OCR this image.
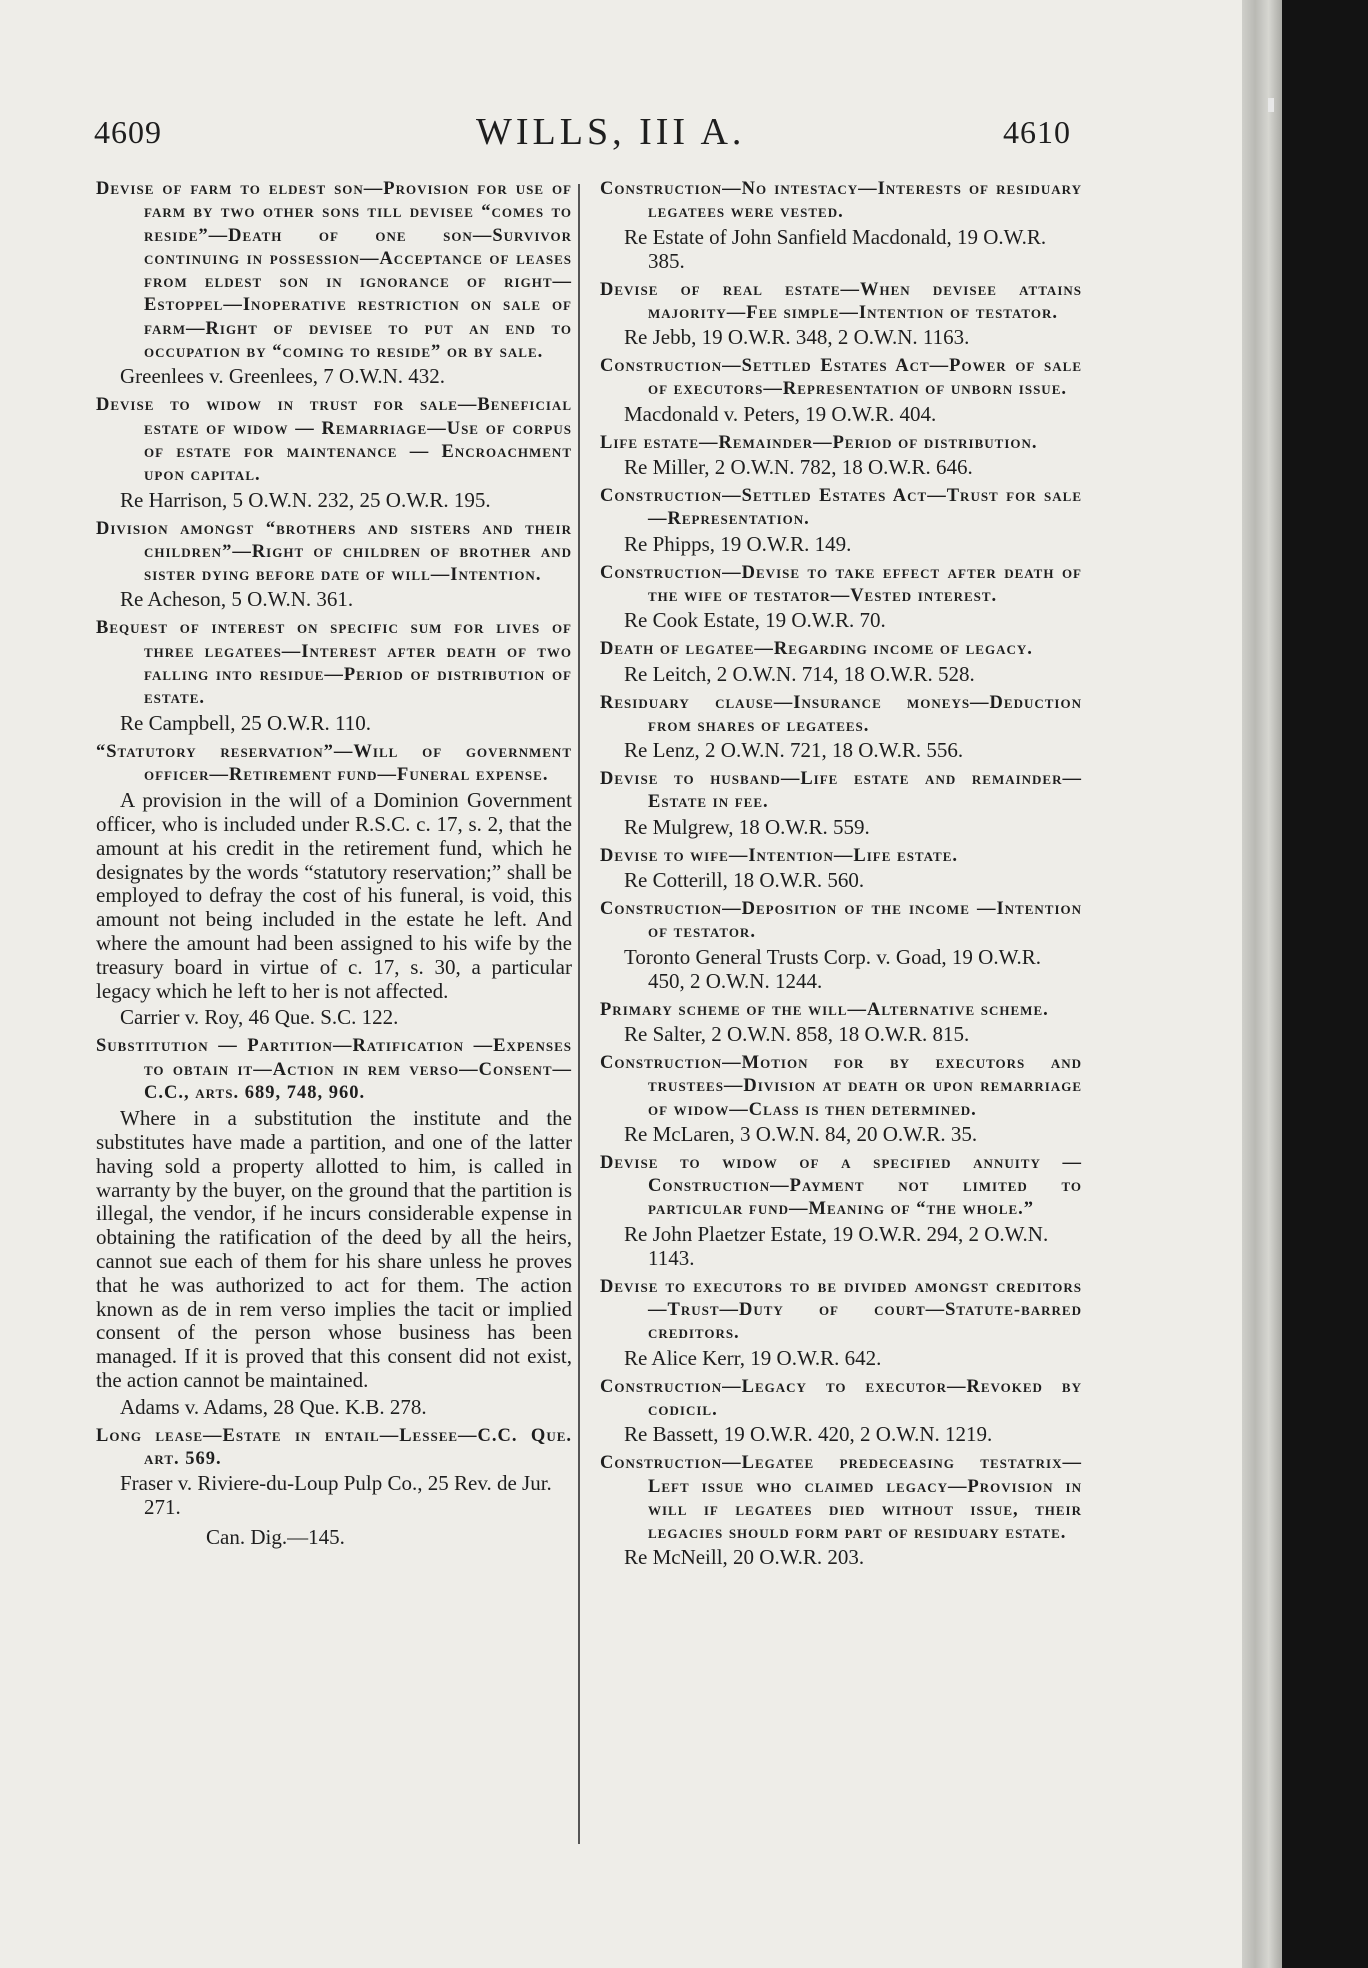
4609	WILLS, III A.	4610
Devise of farm to eldest son—Provision for use of farm by two other sons till devisee “comes to reside”—Death of one son—Survivor continuing in possession—Acceptance of leases from eldest son in ignorance of right—Estoppel—Inoperative restriction on sale of farm—Right of devisee to put an end to occupation by “coming to reside” or by sale.
Greenlees v. Greenlees, 7 O.W.N. 432.
Devise to widow in trust for sale—Beneficial estate of widow — Remarriage—Use of corpus of estate for maintenance — Encroachment upon capital.
Re Harrison, 5 O.W.N. 232, 25 O.W.R. 195.
Division amongst “brothers and sisters and their children”—Right of children of brother and sister dying before date of will—Intention.
Re Acheson, 5 O.W.N. 361.
Bequest of interest on specific sum for lives of three legatees—Interest after death of two falling into residue—Period of distribution of estate.
Re Campbell, 25 O.W.R. 110.
“Statutory reservation”—Will of government officer—Retirement fund—Funeral expense.
A provision in the will of a Dominion Government officer, who is included under R.S.C. c. 17, s. 2, that the amount at his credit in the retirement fund, which he designates by the words “statutory reservation;” shall be employed to defray the cost of his funeral, is void, this amount not being included in the estate he left. And where the amount had been assigned to his wife by the treasury board in virtue of c. 17, s. 30, a particular legacy which he left to her is not affected.
Carrier v. Roy, 46 Que. S.C. 122.
Substitution — Partition—Ratification —Expenses to obtain it—Action in rem verso—Consent—C.C., arts. 689, 748, 960.
Where in a substitution the institute and the substitutes have made a partition, and one of the latter having sold a property allotted to him, is called in warranty by the buyer, on the ground that the partition is illegal, the vendor, if he incurs considerable expense in obtaining the ratification of the deed by all the heirs, cannot sue each of them for his share unless he proves that he was authorized to act for them. The action known as de in rem verso implies the tacit or implied consent of the person whose business has been managed. If it is proved that this consent did not exist, the action cannot be maintained.
Adams v. Adams, 28 Que. K.B. 278.
Long lease—Estate in entail—Lessee—C.C. Que. art. 569.
Fraser v. Riviere-du-Loup Pulp Co., 25 Rev. de Jur. 271.
Can. Dig.—145.
Construction—No intestacy—Interests of residuary legatees were vested.
Re Estate of John Sanfield Macdonald, 19 O.W.R. 385.
Devise of real estate—When devisee attains majority—Fee simple—Intention of testator.
Re Jebb, 19 O.W.R. 348, 2 O.W.N. 1163.
Construction—Settled Estates Act—Power of sale of executors—Representation of unborn issue.
Macdonald v. Peters, 19 O.W.R. 404.
Life estate—Remainder—Period of distribution.
Re Miller, 2 O.W.N. 782, 18 O.W.R. 646.
Construction—Settled Estates Act—Trust for sale—Representation.
Re Phipps, 19 O.W.R. 149.
Construction—Devise to take effect after death of the wife of testator—Vested interest.
Re Cook Estate, 19 O.W.R. 70.
Death of legatee—Regarding income of legacy.
Re Leitch, 2 O.W.N. 714, 18 O.W.R. 528.
Residuary clause—Insurance moneys—Deduction from shares of legatees.
Re Lenz, 2 O.W.N. 721, 18 O.W.R. 556.
Devise to husband—Life estate and remainder—Estate in fee.
Re Mulgrew, 18 O.W.R. 559.
Devise to wife—Intention—Life estate.
Re Cotterill, 18 O.W.R. 560.
Construction—Deposition of the income —Intention of testator.
Toronto General Trusts Corp. v. Goad, 19 O.W.R. 450, 2 O.W.N. 1244.
Primary scheme of the will—Alternative scheme.
Re Salter, 2 O.W.N. 858, 18 O.W.R. 815.
Construction—Motion for by executors and trustees—Division at death or upon remarriage of widow—Class is then determined.
Re McLaren, 3 O.W.N. 84, 20 O.W.R. 35.
Devise to widow of a specified annuity —Construction—Payment not limited to particular fund—Meaning of “the whole.”
Re John Plaetzer Estate, 19 O.W.R. 294, 2 O.W.N. 1143.
Devise to executors to be divided amongst creditors—Trust—Duty of court—Statute-barred creditors.
Re Alice Kerr, 19 O.W.R. 642.
Construction—Legacy to executor—Revoked by codicil.
Re Bassett, 19 O.W.R. 420, 2 O.W.N. 1219.
Construction—Legatee predeceasing testatrix—Left issue who claimed legacy—Provision in will if legatees died without issue, their legacies should form part of residuary estate.
Re McNeill, 20 O.W.R. 203.
